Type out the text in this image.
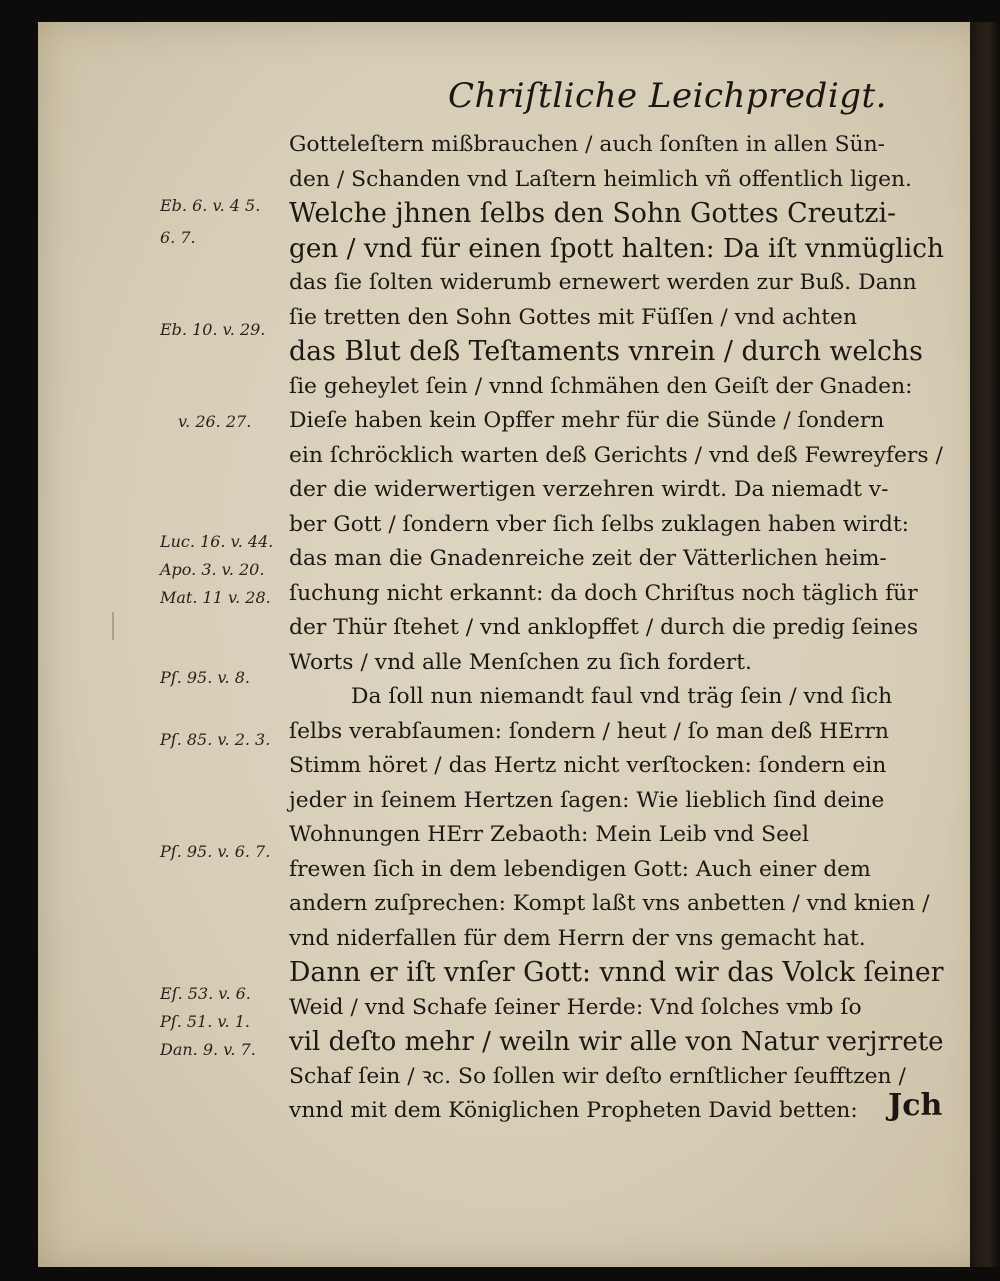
Chriſtliche Leichpredigt.
Gotteleſtern mißbrauchen / auch ſonſten in allen Sün-
den / Schanden vnd Laſtern heimlich vñ offentlich ligen.
Welche jhnen ſelbs den Sohn Gottes Creutzi-
gen / vnd für einen ſpott halten: Da iſt vnmüglich
das ſie ſolten widerumb ernewert werden zur Buß. Dann
ſie tretten den Sohn Gottes mit Füſſen / vnd achten
das Blut deß Teſtaments vnrein / durch welchs
ſie geheylet ſein / vnnd ſchmähen den Geiſt der Gnaden:
Dieſe haben kein Opffer mehr für die Sünde / ſondern
ein ſchröcklich warten deß Gerichts / vnd deß Fewreyfers /
der die widerwertigen verzehren wirdt. Da niemadt v-
ber Gott / ſondern vber ſich ſelbs zuklagen haben wirdt:
das man die Gnadenreiche zeit der Vätterlichen heim-
ſuchung nicht erkannt: da doch Chriſtus noch täglich für
der Thür ſtehet / vnd anklopffet / durch die predig ſeines
Worts / vnd alle Menſchen zu ſich fordert.
Da ſoll nun niemandt faul vnd träg ſein / vnd ſich
ſelbs verabſaumen: ſondern / heut / ſo man deß HErrn
Stimm höret / das Hertz nicht verſtocken: ſondern ein
jeder in ſeinem Hertzen ſagen: Wie lieblich ſind deine
Wohnungen HErr Zebaoth: Mein Leib vnd Seel
frewen ſich in dem lebendigen Gott: Auch einer dem
andern zuſprechen: Kompt laßt vns anbetten / vnd knien /
vnd niderfallen für dem Herrn der vns gemacht hat.
Dann er iſt vnſer Gott: vnnd wir das Volck ſeiner
Weid / vnd Schafe ſeiner Herde: Vnd ſolches vmb ſo
vil deſto mehr / weiln wir alle von Natur verjrrete
Schaf ſein / ꝛc. So ſollen wir deſto ernſtlicher ſeufftzen /
vnnd mit dem Königlichen Propheten David betten:	Jch
Eb. 6. v. 4 5.
6. 7.
Eb. 10. v. 29.
v. 26. 27.
Luc. 16. v. 44.
Apo. 3. v. 20.
Mat. 11 v. 28.
Pſ. 95. v. 8.
Pſ. 85. v. 2. 3.
Pſ. 95. v. 6. 7.
Eſ. 53. v. 6.
Pſ. 51. v. 1.
Dan. 9. v. 7.
